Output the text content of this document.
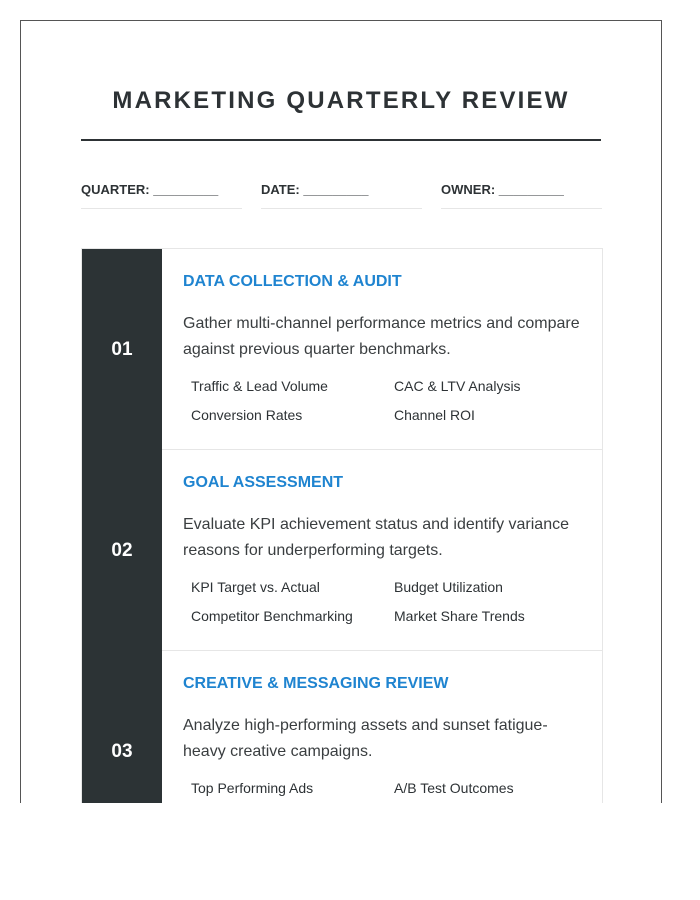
MARKETING QUARTERLY REVIEW
QUARTER: _________	DATE: _________	OWNER: _________
01
DATA COLLECTION & AUDIT
Gather multi-channel performance metrics and compare against previous quarter benchmarks.
Traffic & Lead Volume	CAC & LTV Analysis
Conversion Rates	Channel ROI
02
GOAL ASSESSMENT
Evaluate KPI achievement status and identify variance reasons for underperforming targets.
KPI Target vs. Actual	Budget Utilization
Competitor Benchmarking	Market Share Trends
03
CREATIVE & MESSAGING REVIEW
Analyze high-performing assets and sunset fatigue-heavy creative campaigns.
Top Performing Ads	A/B Test Outcomes
